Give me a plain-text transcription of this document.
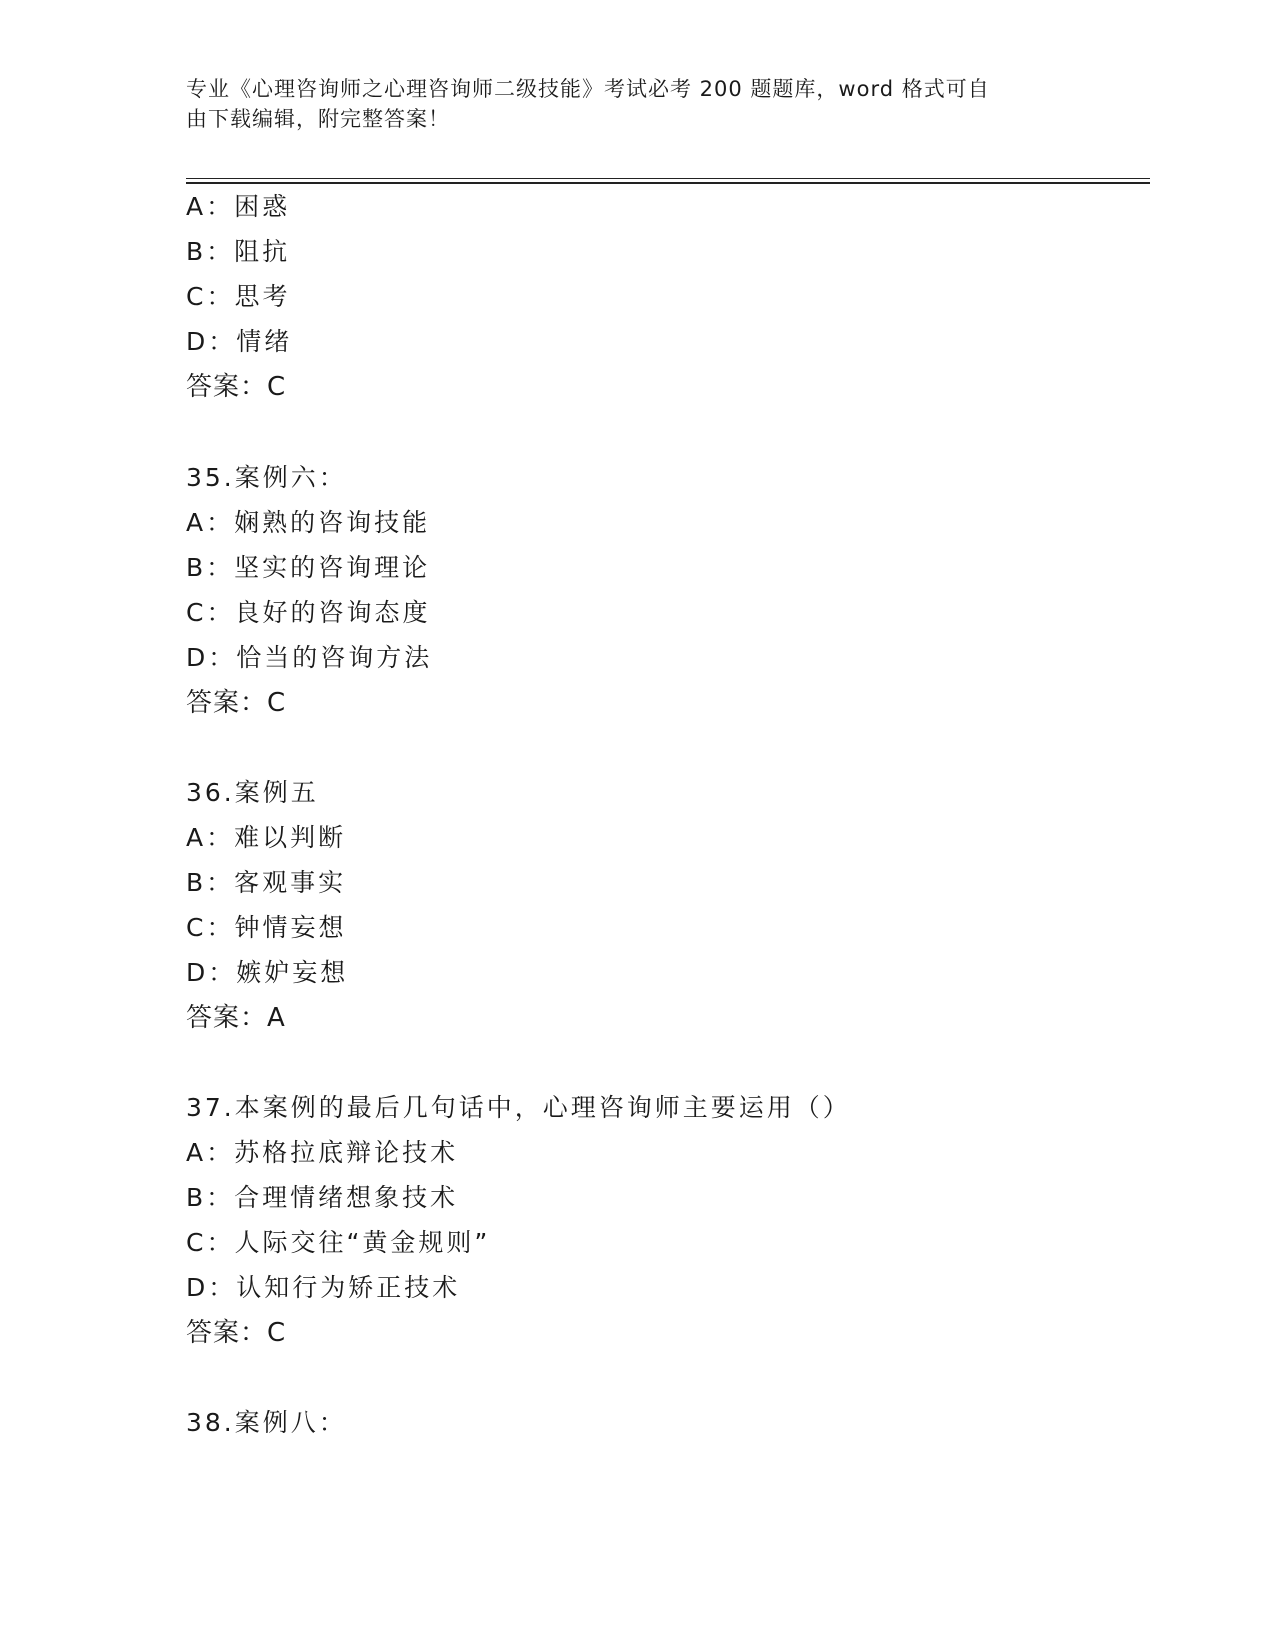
专业《心理咨询师之心理咨询师二级技能》考试必考 200 题题库，word 格式可自
由下载编辑，附完整答案！
A：困惑
B：阻抗
C：思考
D：情绪
答案：C
35.案例六：
A：娴熟的咨询技能
B：坚实的咨询理论
C：良好的咨询态度
D：恰当的咨询方法
答案：C
36.案例五
A：难以判断
B：客观事实
C：钟情妄想
D：嫉妒妄想
答案：A
37.本案例的最后几句话中，心理咨询师主要运用（）
A：苏格拉底辩论技术
B：合理情绪想象技术
C：人际交往“黄金规则”
D：认知行为矫正技术
答案：C
38.案例八：
